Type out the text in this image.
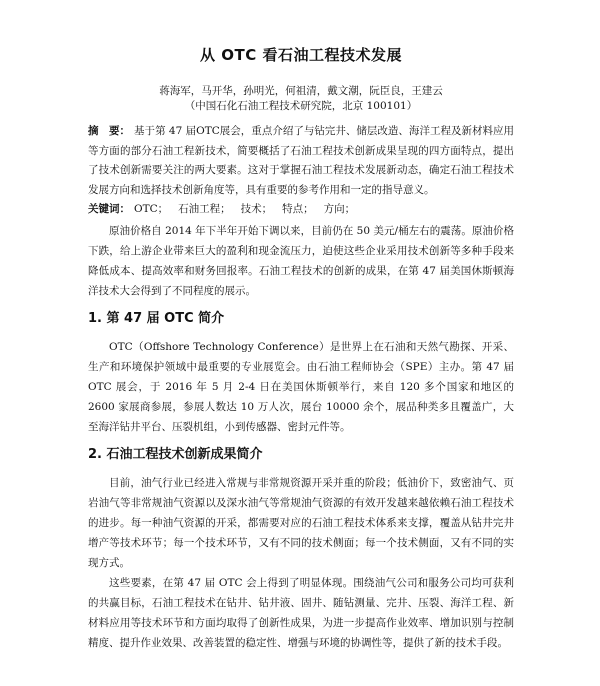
从 OTC 看石油工程技术发展

蒋海军，马开华，孙明光，何祖清，戴文潮，阮臣良，王建云

（中国石化石油工程技术研究院，北京 100101）

摘　要： 基于第 47 届OTC展会，重点介绍了与钻完井、储层改造、海洋工程及新材料应用等方面的部分石油工程新技术，简要概括了石油工程技术创新成果呈现的四方面特点，提出了技术创新需要关注的两大要素。这对于掌握石油工程技术发展新动态，确定石油工程技术发展方向和选择技术创新角度等，具有重要的参考作用和一定的指导意义。

关键词： OTC； 石油工程； 技术； 特点； 方向；

原油价格自 2014 年下半年开始下调以来，目前仍在 50 美元/桶左右的震荡。原油价格下跌，给上游企业带来巨大的盈利和现金流压力，迫使这些企业采用技术创新等多种手段来降低成本、提高效率和财务回报率。石油工程技术的创新的成果，在第 47 届美国休斯顿海洋技术大会得到了不同程度的展示。

1. 第 47 届 OTC 简介

OTC（Offshore Technology Conference）是世界上在石油和天然气勘探、开采、生产和环境保护领域中最重要的专业展览会。由石油工程师协会（SPE）主办。第 47 届 OTC 展会，于 2016 年 5 月 2-4 日在美国休斯顿举行，来自 120 多个国家和地区的 2600 家展商参展，参展人数达 10 万人次，展台 10000 余个，展品种类多且覆盖广，大至海洋钻井平台、压裂机组，小到传感器、密封元件等。

2. 石油工程技术创新成果简介

目前，油气行业已经进入常规与非常规资源开采并重的阶段；低油价下，致密油气、页岩油气等非常规油气资源以及深水油气等常规油气资源的有效开发越来越依赖石油工程技术的进步。每一种油气资源的开采，都需要对应的石油工程技术体系来支撑，覆盖从钻井完井增产等技术环节；每一个技术环节，又有不同的技术侧面；每一个技术侧面，又有不同的实现方式。

这些要素，在第 47 届 OTC 会上得到了明显体现。围绕油气公司和服务公司均可获利的共赢目标，石油工程技术在钻井、钻井液、固井、随钻测量、完井、压裂、海洋工程、新材料应用等技术环节和方面均取得了创新性成果，为进一步提高作业效率、增加识别与控制精度、提升作业效果、改善装置的稳定性、增强与环境的协调性等，提供了新的技术手段。
